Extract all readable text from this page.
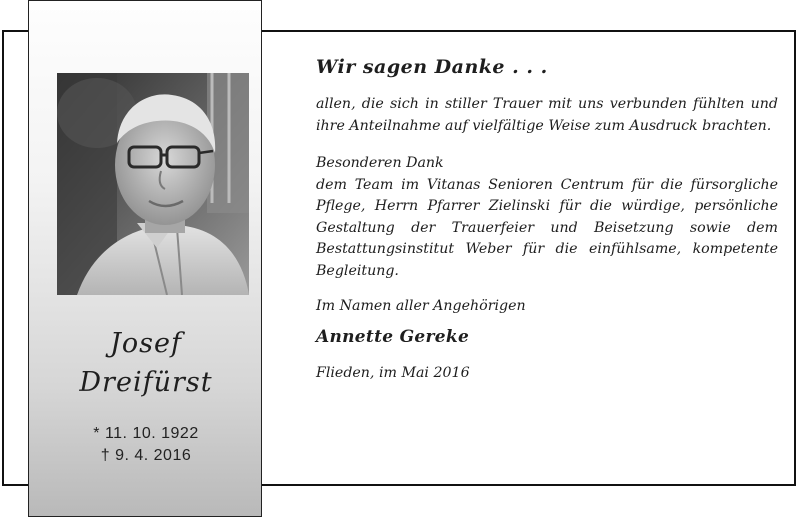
Josef
Dreifürst
* 11. 10. 1922
† 9. 4. 2016
Wir sagen Danke . . .

allen, die sich in stiller Trauer mit uns verbunden fühlten und ihre Anteilnahme auf vielfältige Weise zum Ausdruck brachten.

Besonderen Dank

dem Team im Vitanas Senioren Centrum für die fürsorgliche Pflege, Herrn Pfarrer Zielinski für die würdige, persönliche Gestaltung der Trauerfeier und Beisetzung sowie dem Bestattungsinstitut Weber für die einfühlsame, kompetente Begleitung.

Im Namen aller Angehörigen

Annette Gereke
Flieden, im Mai 2016
